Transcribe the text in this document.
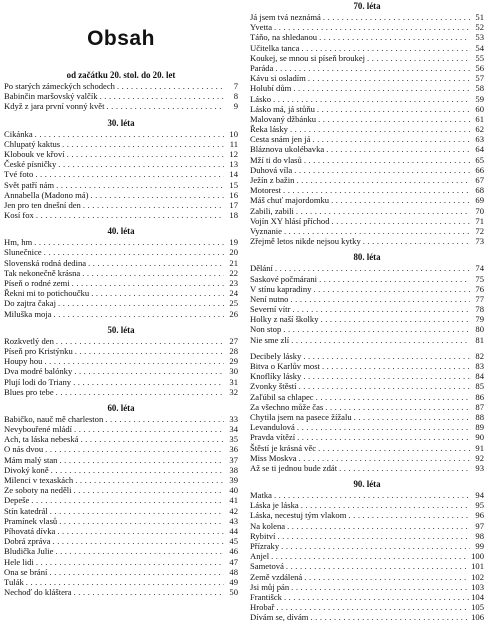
Obsah
od začátku 20. stol. do 20. let
Po starých zámeckých schodech . . .	7
Babinčin maršovský valčík . . .	8
Když z jara první vonný květ . . .	9
30. léta
Cikánka . . .	10
Chlupatý kaktus . . .	11
Klobouk ve křoví . . .	12
České písničky . . .	13
Tvé foto . . .	14
Svět patří nám . . .	15
Annabella (Madono má) . . .	16
Jen pro ten dnešní den . . .	17
Kosí fox . . .	18
40. léta
Hm, hm . . .	19
Slunečnice . . .	20
Slovenská rodná dedina . . .	21
Tak nekonečně krásna . . .	22
Píseň o rodné zemi . . .	23
Řekni mi to potichoučku . . .	24
Do zajtra čakaj . . .	25
Miluška moja . . .	26
50. léta
Rozkvetlý den . . .	27
Píseň pro Kristýnku . . .	28
Houpy hou . . .	29
Dva modré balónky . . .	30
Plují lodi do Triany . . .	31
Blues pro tebe . . .	32
60. léta
Babičko, nauč mě charleston . . .	33
Nevybouřené mládí . . .	34
Ach, ta láska nebeská . . .	35
O nás dvou . . .	36
Mám malý stan . . .	37
Divoký koně . . .	38
Milenci v texaskách . . .	39
Ze soboty na neděli . . .	40
Depeše . . .	41
Stín katedrál . . .	42
Pramínek vlasů . . .	43
Píhovatá dívka . . .	44
Dobrá zpráva . . .	45
Bludička Julie . . .	46
Hele lidi . . .	47
Ona se brání . . .	48
Tulák . . .	49
Nechoď do kláštera . . .	50
70. léta
Já jsem tvá neznámá . . .	51
Yvetta . . .	52
Táňo, na shledanou . . .	53
Učitelka tanca . . .	54
Koukej, se mnou si píseň broukej . . .	55
Paráda . . .	56
Kávu si osladím . . .	57
Holubí dům . . .	58
Lásko . . .	59
Lásko má, já stůňu . . .	60
Malovaný džbánku . . .	61
Řeka lásky . . .	62
Cesta snám jen já . . .	63
Bláznova ukolébavka . . .	64
Mží ti do vlasů . . .	65
Duhová víla . . .	66
Ježín z bažin . . .	67
Motorest . . .	68
Máš chuť majordomku . . .	69
Zabili, zabili . . .	70
Vojín XY hlásí příchod . . .	71
Vyznanie . . .	72
Zřejmě letos nikde nejsou kytky . . .	73
80. léta
Dělání . . .	74
Saskové počmárani . . .	75
V stínu kapradiny . . .	76
Není nutno . . .	77
Severní vítr . . .	78
Holky z naší školky . . .	79
Non stop . . .	80
Nie sme zlí . . .	81
Decibely lásky . . .	82
Bitva o Karlův most . . .	83
Knoflíky lásky . . .	84
Zvonky štěstí . . .	85
Zaľúbil sa chlapec . . .	86
Za všechno může čas . . .	87
Chytila jsem na pasece žížalu . . .	88
Levandulová . . .	89
Pravda vítězí . . .	90
Štěstí je krásná věc . . .	91
Miss Moskva . . .	92
Až se ti jednou bude zdát . . .	93
90. léta
Matka . . .	94
Láska je láska . . .	95
Láska, necestuj tým vlakom . . .	96
Na kolena . . .	97
Rybitví . . .	98
Přízraky . . .	99
Anjel . . .	100
Sametová . . .	101
Země vzdálená . . .	102
Jsi můj pán . . .	103
Františck . . .	104
Hrobař . . .	105
Dívám se, dívám . . .	106
